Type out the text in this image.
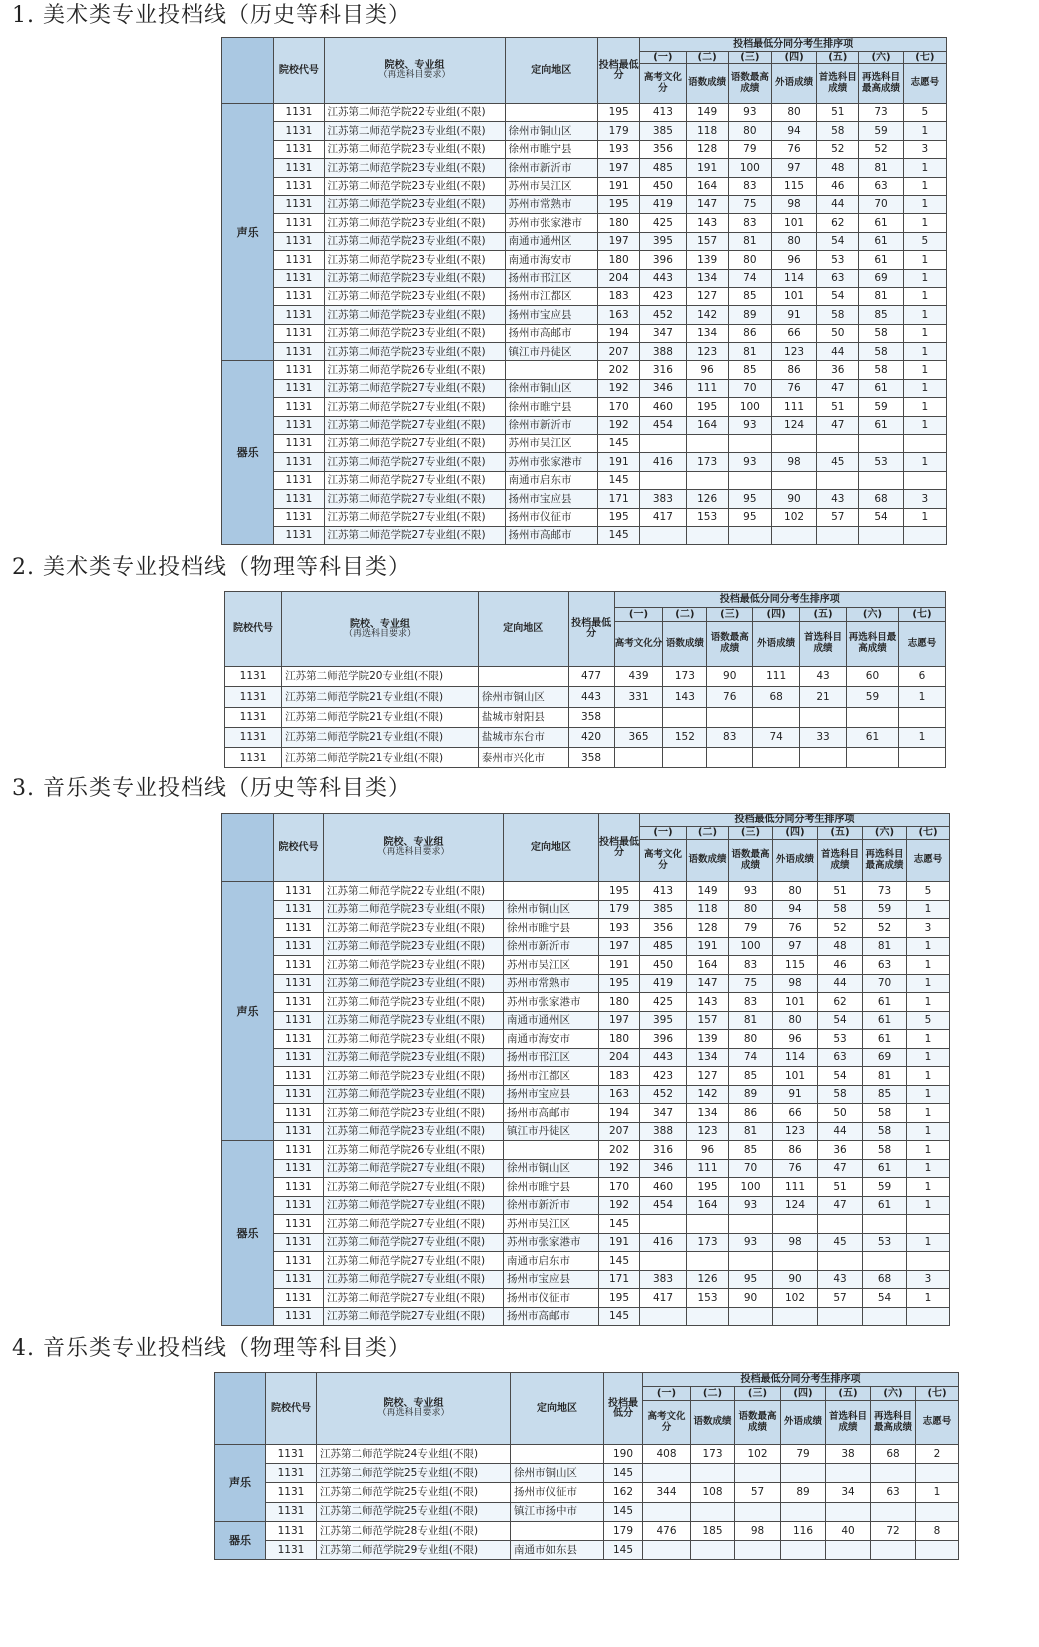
1. 美术类专业投档线（历史等科目类）
2. 美术类专业投档线（物理等科目类）
3. 音乐类专业投档线（历史等科目类）
4. 音乐类专业投档线（物理等科目类）
	院校代号	院校、专业组
（再选科目要求）	定向地区	投档最低分	投档最低分同分考生排序项						
					(一)	(二)	(三)	(四)	(五)	(六)	(七)
					高考文化分	语数成绩	语数最高成绩	外语成绩	首选科目成绩	再选科目最高成绩	志愿号
声乐	1131	江苏第二师范学院22专业组(不限)		195	413	149	93	80	51	73	5
	1131	江苏第二师范学院23专业组(不限)	徐州市铜山区	179	385	118	80	94	58	59	1
	1131	江苏第二师范学院23专业组(不限)	徐州市睢宁县	193	356	128	79	76	52	52	3
	1131	江苏第二师范学院23专业组(不限)	徐州市新沂市	197	485	191	100	97	48	81	1
	1131	江苏第二师范学院23专业组(不限)	苏州市吴江区	191	450	164	83	115	46	63	1
	1131	江苏第二师范学院23专业组(不限)	苏州市常熟市	195	419	147	75	98	44	70	1
	1131	江苏第二师范学院23专业组(不限)	苏州市张家港市	180	425	143	83	101	62	61	1
	1131	江苏第二师范学院23专业组(不限)	南通市通州区	197	395	157	81	80	54	61	5
	1131	江苏第二师范学院23专业组(不限)	南通市海安市	180	396	139	80	96	53	61	1
	1131	江苏第二师范学院23专业组(不限)	扬州市邗江区	204	443	134	74	114	63	69	1
	1131	江苏第二师范学院23专业组(不限)	扬州市江都区	183	423	127	85	101	54	81	1
	1131	江苏第二师范学院23专业组(不限)	扬州市宝应县	163	452	142	89	91	58	85	1
	1131	江苏第二师范学院23专业组(不限)	扬州市高邮市	194	347	134	86	66	50	58	1
	1131	江苏第二师范学院23专业组(不限)	镇江市丹徒区	207	388	123	81	123	44	58	1
器乐	1131	江苏第二师范学院26专业组(不限)		202	316	96	85	86	36	58	1
	1131	江苏第二师范学院27专业组(不限)	徐州市铜山区	192	346	111	70	76	47	61	1
	1131	江苏第二师范学院27专业组(不限)	徐州市睢宁县	170	460	195	100	111	51	59	1
	1131	江苏第二师范学院27专业组(不限)	徐州市新沂市	192	454	164	93	124	47	61	1
	1131	江苏第二师范学院27专业组(不限)	苏州市吴江区	145							
	1131	江苏第二师范学院27专业组(不限)	苏州市张家港市	191	416	173	93	98	45	53	1
	1131	江苏第二师范学院27专业组(不限)	南通市启东市	145							
	1131	江苏第二师范学院27专业组(不限)	扬州市宝应县	171	383	126	95	90	43	68	3
	1131	江苏第二师范学院27专业组(不限)	扬州市仪征市	195	417	153	95	102	57	54	1
	1131	江苏第二师范学院27专业组(不限)	扬州市高邮市	145							
院校代号	院校、专业组
（再选科目要求）	定向地区	投档最低分	投档最低分同分考生排序项						
				(一)	(二)	(三)	(四)	(五)	(六)	(七)
				高考文化分	语数成绩	语数最高成绩	外语成绩	首选科目成绩	再选科目最高成绩	志愿号
1131	江苏第二师范学院20专业组(不限)		477	439	173	90	111	43	60	6
1131	江苏第二师范学院21专业组(不限)	徐州市铜山区	443	331	143	76	68	21	59	1
1131	江苏第二师范学院21专业组(不限)	盐城市射阳县	358							
1131	江苏第二师范学院21专业组(不限)	盐城市东台市	420	365	152	83	74	33	61	1
1131	江苏第二师范学院21专业组(不限)	泰州市兴化市	358							
	院校代号	院校、专业组
（再选科目要求）	定向地区	投档最低分	投档最低分同分考生排序项						
					(一)	(二)	(三)	(四)	(五)	(六)	(七)
					高考文化分	语数成绩	语数最高成绩	外语成绩	首选科目成绩	再选科目最高成绩	志愿号
声乐	1131	江苏第二师范学院22专业组(不限)		195	413	149	93	80	51	73	5
	1131	江苏第二师范学院23专业组(不限)	徐州市铜山区	179	385	118	80	94	58	59	1
	1131	江苏第二师范学院23专业组(不限)	徐州市睢宁县	193	356	128	79	76	52	52	3
	1131	江苏第二师范学院23专业组(不限)	徐州市新沂市	197	485	191	100	97	48	81	1
	1131	江苏第二师范学院23专业组(不限)	苏州市吴江区	191	450	164	83	115	46	63	1
	1131	江苏第二师范学院23专业组(不限)	苏州市常熟市	195	419	147	75	98	44	70	1
	1131	江苏第二师范学院23专业组(不限)	苏州市张家港市	180	425	143	83	101	62	61	1
	1131	江苏第二师范学院23专业组(不限)	南通市通州区	197	395	157	81	80	54	61	5
	1131	江苏第二师范学院23专业组(不限)	南通市海安市	180	396	139	80	96	53	61	1
	1131	江苏第二师范学院23专业组(不限)	扬州市邗江区	204	443	134	74	114	63	69	1
	1131	江苏第二师范学院23专业组(不限)	扬州市江都区	183	423	127	85	101	54	81	1
	1131	江苏第二师范学院23专业组(不限)	扬州市宝应县	163	452	142	89	91	58	85	1
	1131	江苏第二师范学院23专业组(不限)	扬州市高邮市	194	347	134	86	66	50	58	1
	1131	江苏第二师范学院23专业组(不限)	镇江市丹徒区	207	388	123	81	123	44	58	1
器乐	1131	江苏第二师范学院26专业组(不限)		202	316	96	85	86	36	58	1
	1131	江苏第二师范学院27专业组(不限)	徐州市铜山区	192	346	111	70	76	47	61	1
	1131	江苏第二师范学院27专业组(不限)	徐州市睢宁县	170	460	195	100	111	51	59	1
	1131	江苏第二师范学院27专业组(不限)	徐州市新沂市	192	454	164	93	124	47	61	1
	1131	江苏第二师范学院27专业组(不限)	苏州市吴江区	145							
	1131	江苏第二师范学院27专业组(不限)	苏州市张家港市	191	416	173	93	98	45	53	1
	1131	江苏第二师范学院27专业组(不限)	南通市启东市	145							
	1131	江苏第二师范学院27专业组(不限)	扬州市宝应县	171	383	126	95	90	43	68	3
	1131	江苏第二师范学院27专业组(不限)	扬州市仪征市	195	417	153	90	102	57	54	1
	1131	江苏第二师范学院27专业组(不限)	扬州市高邮市	145							
	院校代号	院校、专业组
（再选科目要求）	定向地区	投档最低分	投档最低分同分考生排序项						
					(一)	(二)	(三)	(四)	(五)	(六)	(七)
					高考文化分	语数成绩	语数最高成绩	外语成绩	首选科目成绩	再选科目最高成绩	志愿号
声乐	1131	江苏第二师范学院24专业组(不限)		190	408	173	102	79	38	68	2
	1131	江苏第二师范学院25专业组(不限)	徐州市铜山区	145							
	1131	江苏第二师范学院25专业组(不限)	扬州市仪征市	162	344	108	57	89	34	63	1
	1131	江苏第二师范学院25专业组(不限)	镇江市扬中市	145							
器乐	1131	江苏第二师范学院28专业组(不限)		179	476	185	98	116	40	72	8
	1131	江苏第二师范学院29专业组(不限)	南通市如东县	145							
